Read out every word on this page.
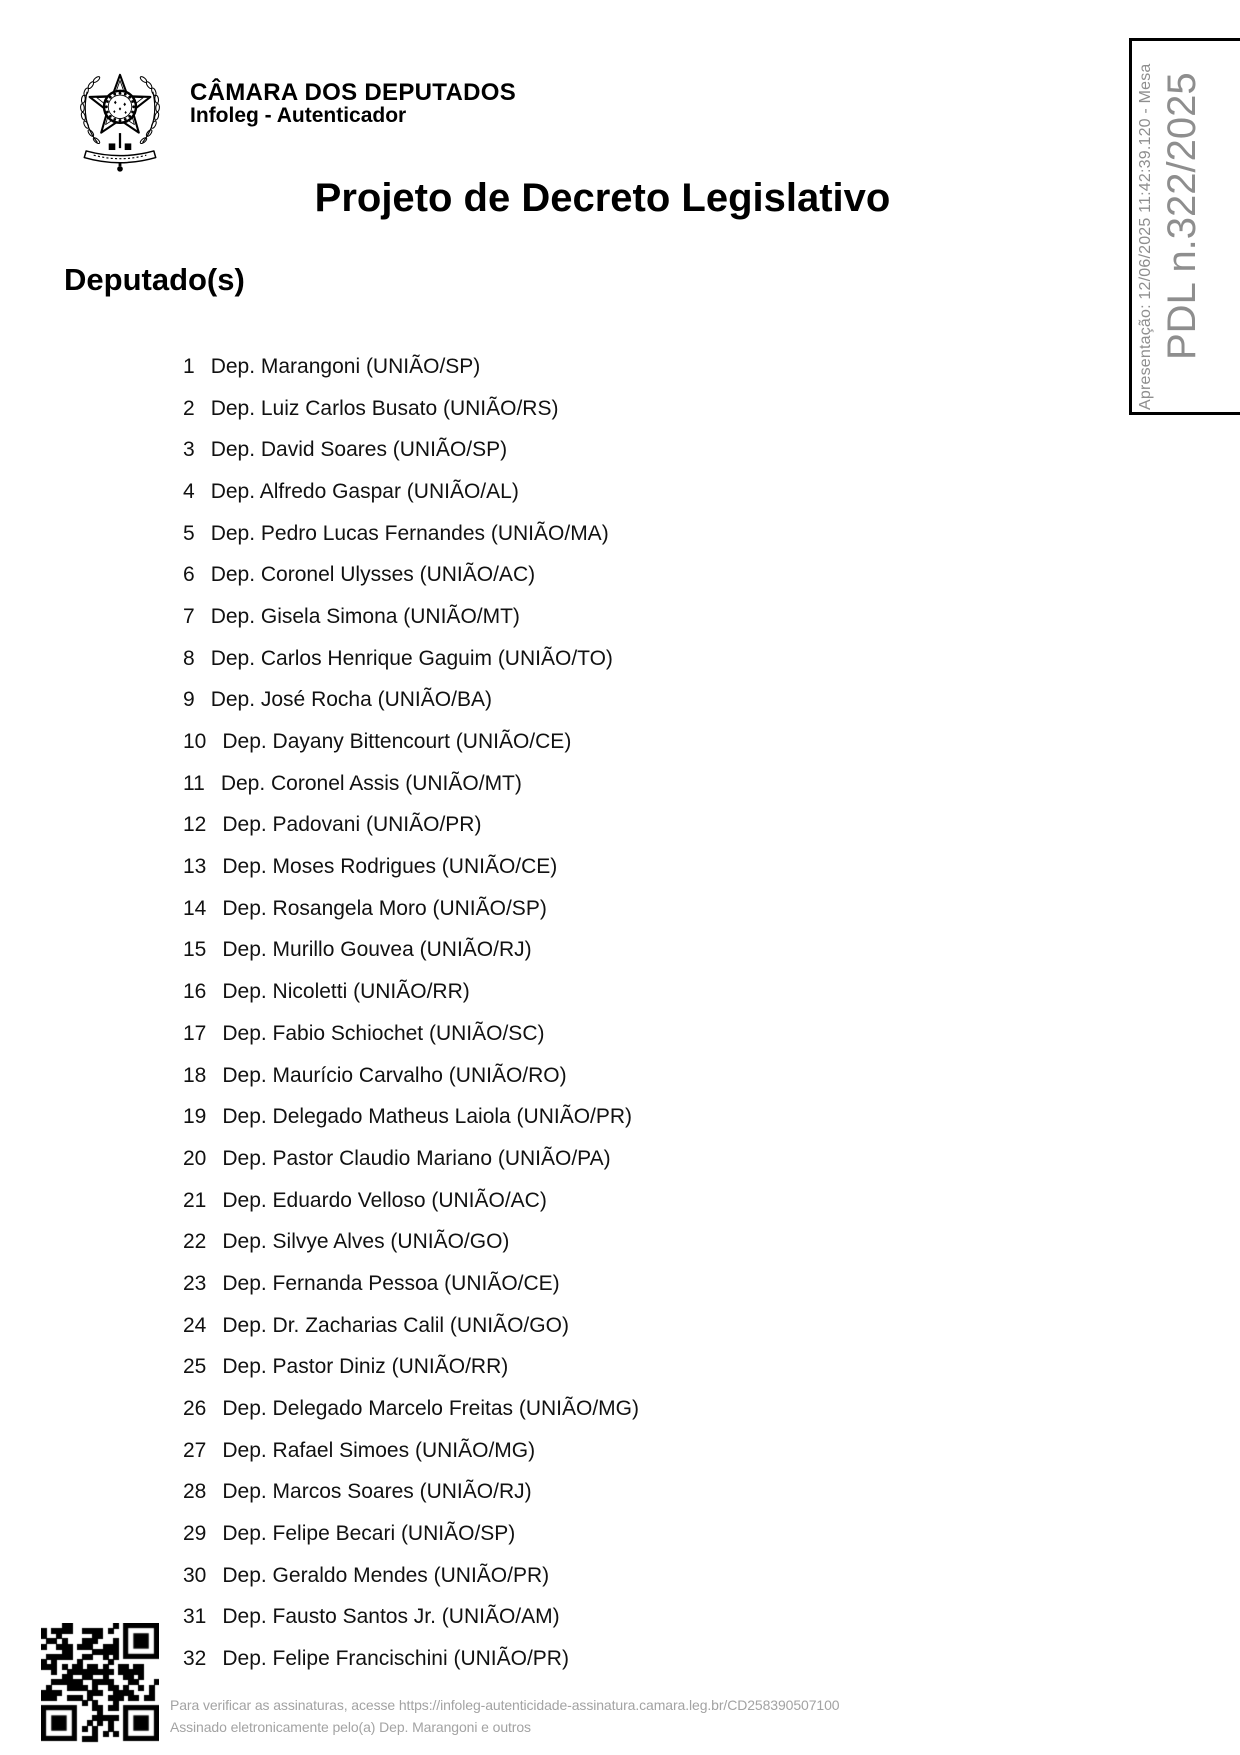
CÂMARA DOS DEPUTADOS
Infoleg - Autenticador
Projeto de Decreto Legislativo	Apresentação: 12/06/2025 11:42:39.120 - Mesa PDL n.322/2025
Deputado(s)
1 Dep. Marangoni (UNIÃO/SP)
2 Dep. Luiz Carlos Busato (UNIÃO/RS)
3 Dep. David Soares (UNIÃO/SP)
4 Dep. Alfredo Gaspar (UNIÃO/AL)
5 Dep. Pedro Lucas Fernandes (UNIÃO/MA)
6 Dep. Coronel Ulysses (UNIÃO/AC)
7 Dep. Gisela Simona (UNIÃO/MT)
8 Dep. Carlos Henrique Gaguim (UNIÃO/TO)
9 Dep. José Rocha (UNIÃO/BA)
10 Dep. Dayany Bittencourt (UNIÃO/CE)
11 Dep. Coronel Assis (UNIÃO/MT)
12 Dep. Padovani (UNIÃO/PR)
13 Dep. Moses Rodrigues (UNIÃO/CE)
14 Dep. Rosangela Moro (UNIÃO/SP)
15 Dep. Murillo Gouvea (UNIÃO/RJ)
16 Dep. Nicoletti (UNIÃO/RR)
17 Dep. Fabio Schiochet (UNIÃO/SC)
18 Dep. Maurício Carvalho (UNIÃO/RO)
19 Dep. Delegado Matheus Laiola (UNIÃO/PR)
20 Dep. Pastor Claudio Mariano (UNIÃO/PA)
21 Dep. Eduardo Velloso (UNIÃO/AC)
22 Dep. Silvye Alves (UNIÃO/GO)
23 Dep. Fernanda Pessoa (UNIÃO/CE)
24 Dep. Dr. Zacharias Calil (UNIÃO/GO)
25 Dep. Pastor Diniz (UNIÃO/RR)
26 Dep. Delegado Marcelo Freitas (UNIÃO/MG)
27 Dep. Rafael Simoes (UNIÃO/MG)
28 Dep. Marcos Soares (UNIÃO/RJ)
29 Dep. Felipe Becari (UNIÃO/SP)
30 Dep. Geraldo Mendes (UNIÃO/PR)
31 Dep. Fausto Santos Jr. (UNIÃO/AM)
32 Dep. Felipe Francischini (UNIÃO/PR)
Para verificar as assinaturas, acesse https://infoleg-autenticidade-assinatura.camara.leg.br/CD258390507100
Assinado eletronicamente pelo(a) Dep. Marangoni e outros
